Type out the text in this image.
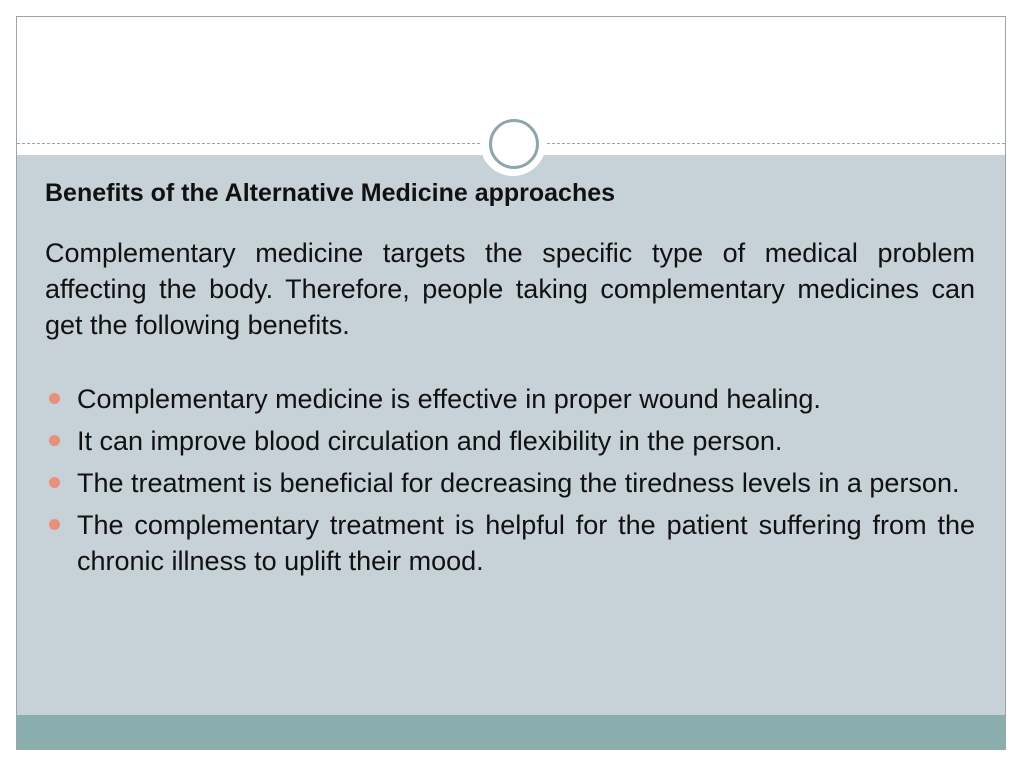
Benefits of the Alternative Medicine approaches
Complementary medicine targets the specific type of medical problem affecting the body. Therefore, people taking complementary medicines can get the following benefits.
Complementary medicine is effective in proper wound healing.
It can improve blood circulation and flexibility in the person.
The treatment is beneficial for decreasing the tiredness levels in a person.
The complementary treatment is helpful for the patient suffering from the chronic illness to uplift their mood.
